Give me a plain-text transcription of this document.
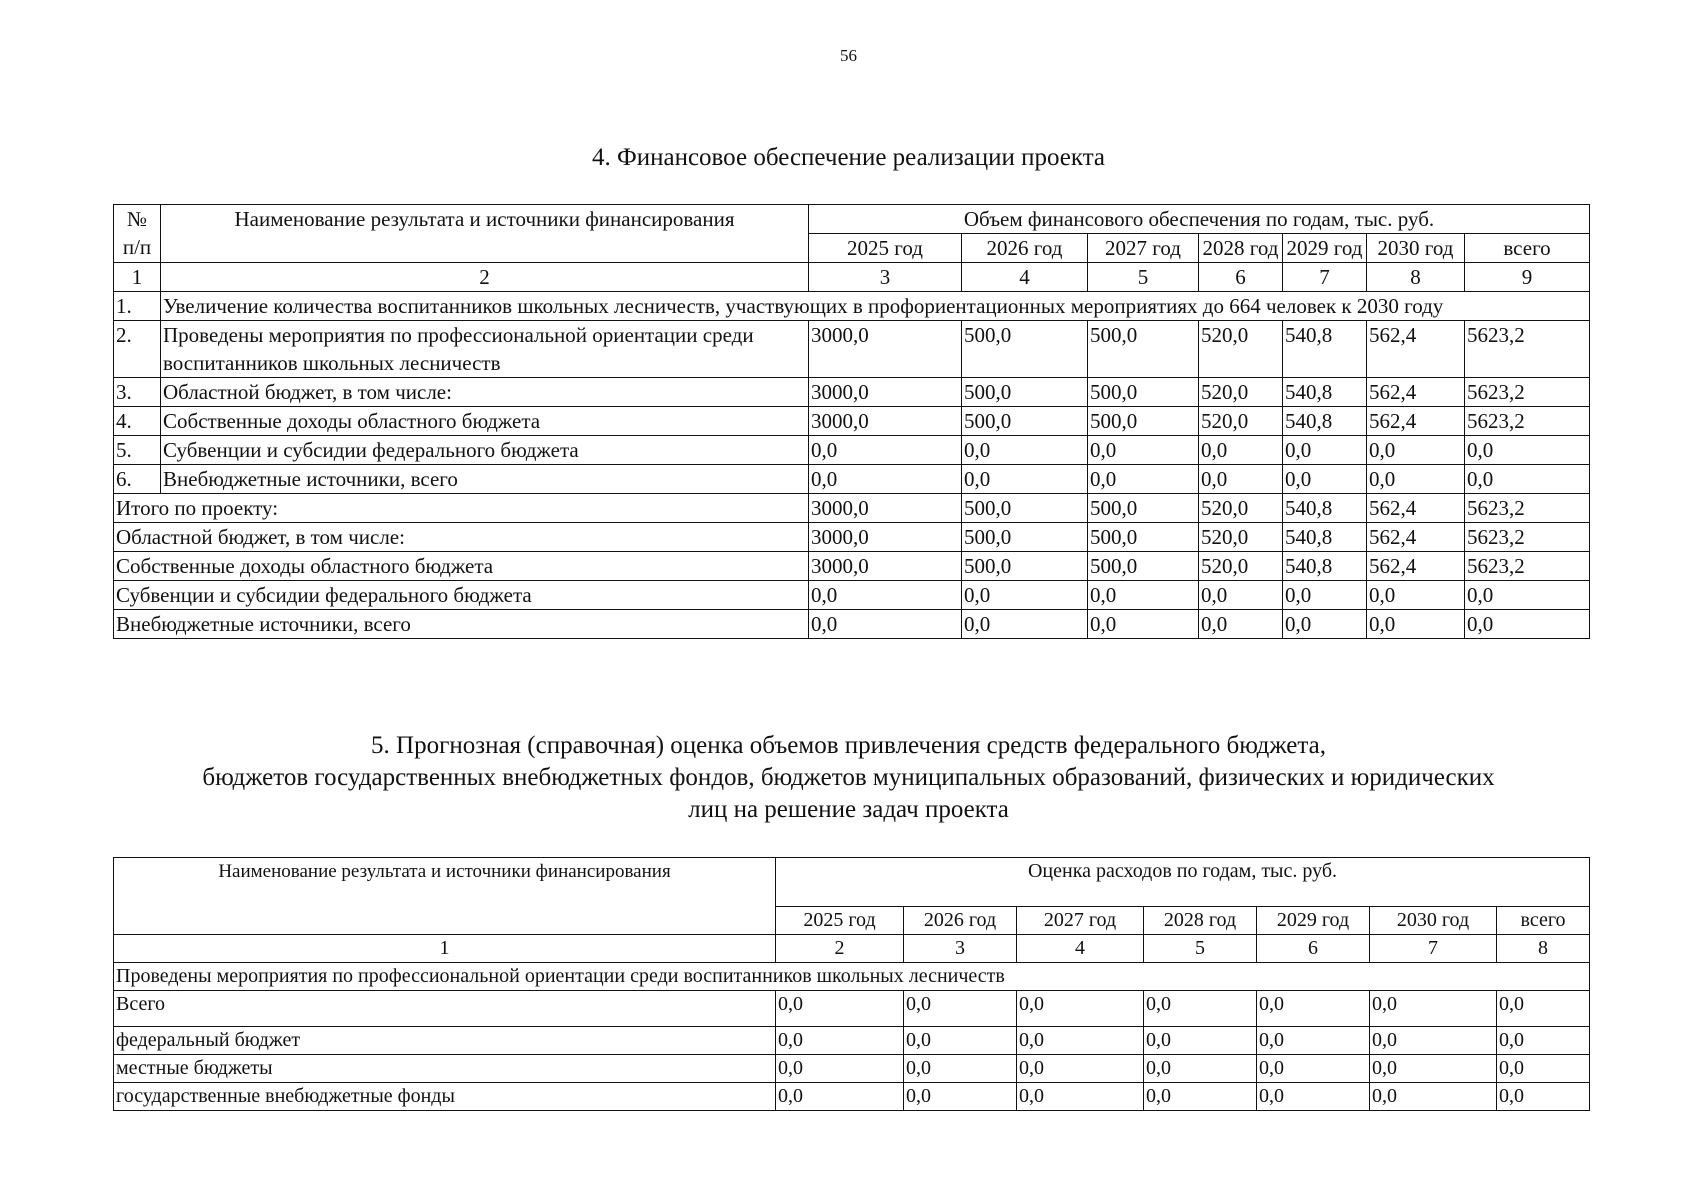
56
4. Финансовое обеспечение реализации проекта
№ п/п	Наименование результата и источники финансирования	Объем финансового обеспечения по годам, тыс. руб.						
		2025 год	2026 год	2027 год	2028 год	2029 год	2030 год	всего
1	2	3	4	5	6	7	8	9
1.	Увеличение количества воспитанников школьных лесничеств, участвующих в профориентационных мероприятиях до 664 человек к 2030 году							
2.	Проведены мероприятия по профессиональной ориентации среди воспитанников школьных лесничеств	3000,0	500,0	500,0	520,0	540,8	562,4	5623,2
3.	Областной бюджет, в том числе:	3000,0	500,0	500,0	520,0	540,8	562,4	5623,2
4.	Собственные доходы областного бюджета	3000,0	500,0	500,0	520,0	540,8	562,4	5623,2
5.	Субвенции и субсидии федерального бюджета	0,0	0,0	0,0	0,0	0,0	0,0	0,0
6.	Внебюджетные источники, всего	0,0	0,0	0,0	0,0	0,0	0,0	0,0
Итого по проекту:		3000,0	500,0	500,0	520,0	540,8	562,4	5623,2
Областной бюджет, в том числе:		3000,0	500,0	500,0	520,0	540,8	562,4	5623,2
Собственные доходы областного бюджета		3000,0	500,0	500,0	520,0	540,8	562,4	5623,2
Субвенции и субсидии федерального бюджета		0,0	0,0	0,0	0,0	0,0	0,0	0,0
Внебюджетные источники, всего		0,0	0,0	0,0	0,0	0,0	0,0	0,0
5. Прогнозная (справочная) оценка объемов привлечения средств федерального бюджета,
бюджетов государственных внебюджетных фондов, бюджетов муниципальных образований, физических и юридических
лиц на решение задач проекта
Наименование результата и источники финансирования	Оценка расходов по годам, тыс. руб.						
	2025 год	2026 год	2027 год	2028 год	2029 год	2030 год	всего
1	2	3	4	5	6	7	8
Проведены мероприятия по профессиональной ориентации среди воспитанников школьных лесничеств							
Всего	0,0	0,0	0,0	0,0	0,0	0,0	0,0
федеральный бюджет	0,0	0,0	0,0	0,0	0,0	0,0	0,0
местные бюджеты	0,0	0,0	0,0	0,0	0,0	0,0	0,0
государственные внебюджетные фонды	0,0	0,0	0,0	0,0	0,0	0,0	0,0
